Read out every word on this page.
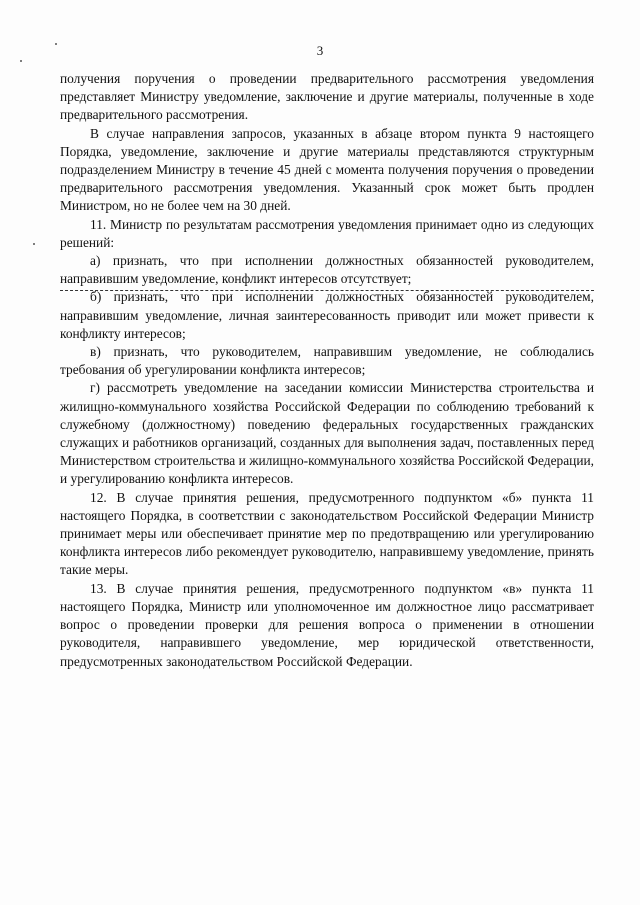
3

получения поручения о проведении предварительного рассмотрения уведомления представляет Министру уведомление, заключение и другие материалы, полученные в ходе предварительного рассмотрения.

В случае направления запросов, указанных в абзаце втором пункта 9 настоящего Порядка, уведомление, заключение и другие материалы представляются структурным подразделением Министру в течение 45 дней с момента получения поручения о проведении предварительного рассмотрения уведомления. Указанный срок может быть продлен Министром, но не более чем на 30 дней.

11. Министр по результатам рассмотрения уведомления принимает одно из следующих решений:

а) признать, что при исполнении должностных обязанностей руководителем, направившим уведомление, конфликт интересов отсутствует;

б) признать, что при исполнении должностных обязанностей руководителем, направившим уведомление, личная заинтересованность приводит или может привести к конфликту интересов;

в) признать, что руководителем, направившим уведомление, не соблюдались требования об урегулировании конфликта интересов;

г) рассмотреть уведомление на заседании комиссии Министерства строительства и жилищно-коммунального хозяйства Российской Федерации по соблюдению требований к служебному (должностному) поведению федеральных государственных гражданских служащих и работников организаций, созданных для выполнения задач, поставленных перед Министерством строительства и жилищно-коммунального хозяйства Российской Федерации, и урегулированию конфликта интересов.

12. В случае принятия решения, предусмотренного подпунктом «б» пункта 11 настоящего Порядка, в соответствии с законодательством Российской Федерации Министр принимает меры или обеспечивает принятие мер по предотвращению или урегулированию конфликта интересов либо рекомендует руководителю, направившему уведомление, принять такие меры.

13. В случае принятия решения, предусмотренного подпунктом «в» пункта 11 настоящего Порядка, Министр или уполномоченное им должностное лицо рассматривает вопрос о проведении проверки для решения вопроса о применении в отношении руководителя, направившего уведомление, мер юридической ответственности, предусмотренных законодательством Российской Федерации.
